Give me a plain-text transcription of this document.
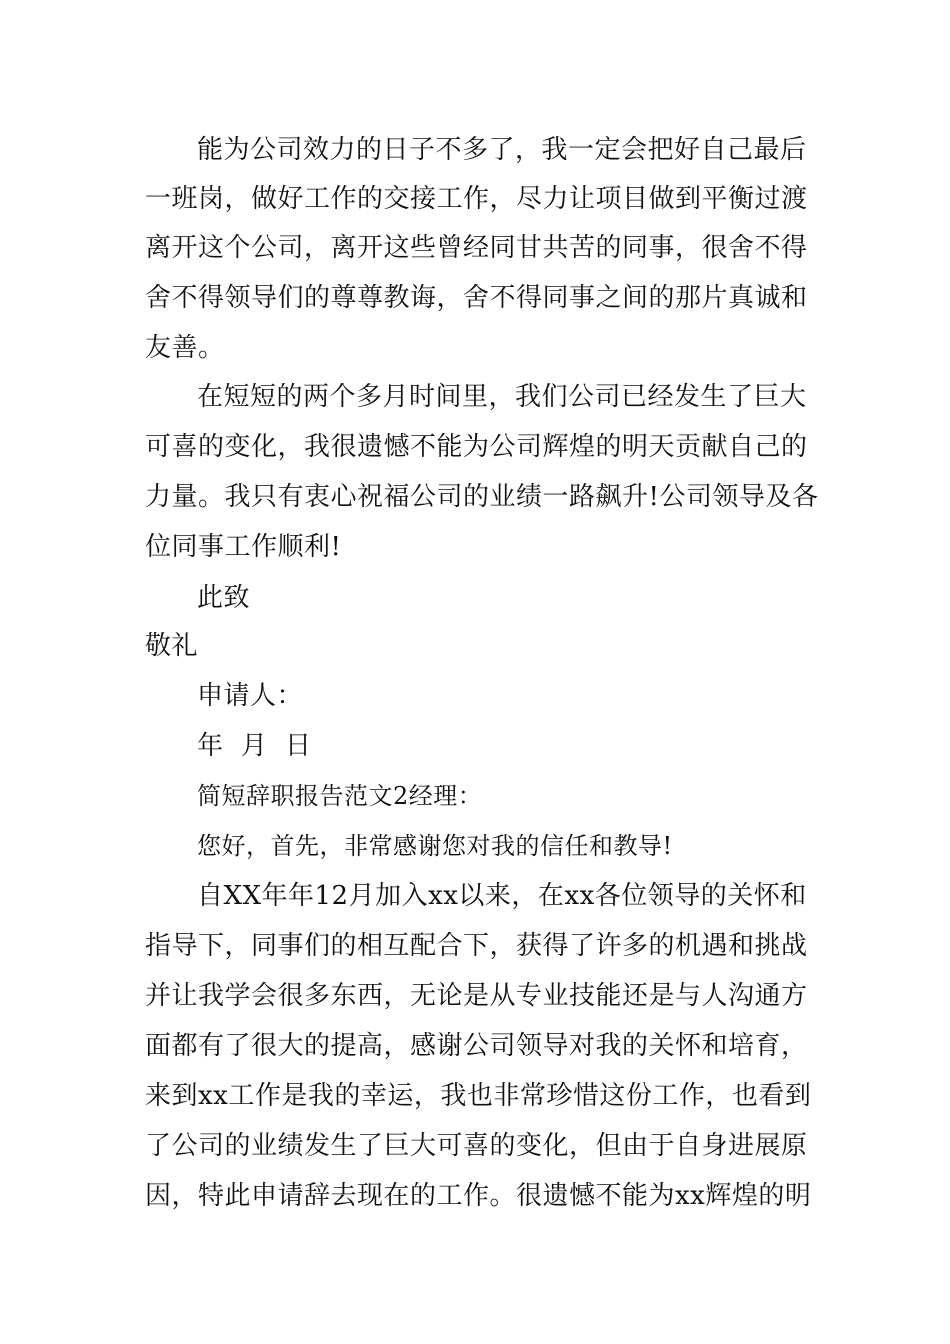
能为公司效力的日子不多了，我一定会把好自己最后
一班岗，做好工作的交接工作，尽力让项目做到平衡过渡
离开这个公司，离开这些曾经同甘共苦的同事，很舍不得
舍不得领导们的尊尊教诲，舍不得同事之间的那片真诚和
友善。
在短短的两个多月时间里，我们公司已经发生了巨大
可喜的变化，我很遗憾不能为公司辉煌的明天贡献自己的
力量。我只有衷心祝福公司的业绩一路飙升!公司领导及各
位同事工作顺利!
此致
敬礼
申请人：
年  月  日
简短辞职报告范文2经理：
您好，首先，非常感谢您对我的信任和教导!
自XX年年12月加入xx以来，在xx各位领导的关怀和
指导下，同事们的相互配合下，获得了许多的机遇和挑战
并让我学会很多东西，无论是从专业技能还是与人沟通方
面都有了很大的提高，感谢公司领导对我的关怀和培育，
来到xx工作是我的幸运，我也非常珍惜这份工作，也看到
了公司的业绩发生了巨大可喜的变化，但由于自身进展原
因，特此申请辞去现在的工作。很遗憾不能为xx辉煌的明
